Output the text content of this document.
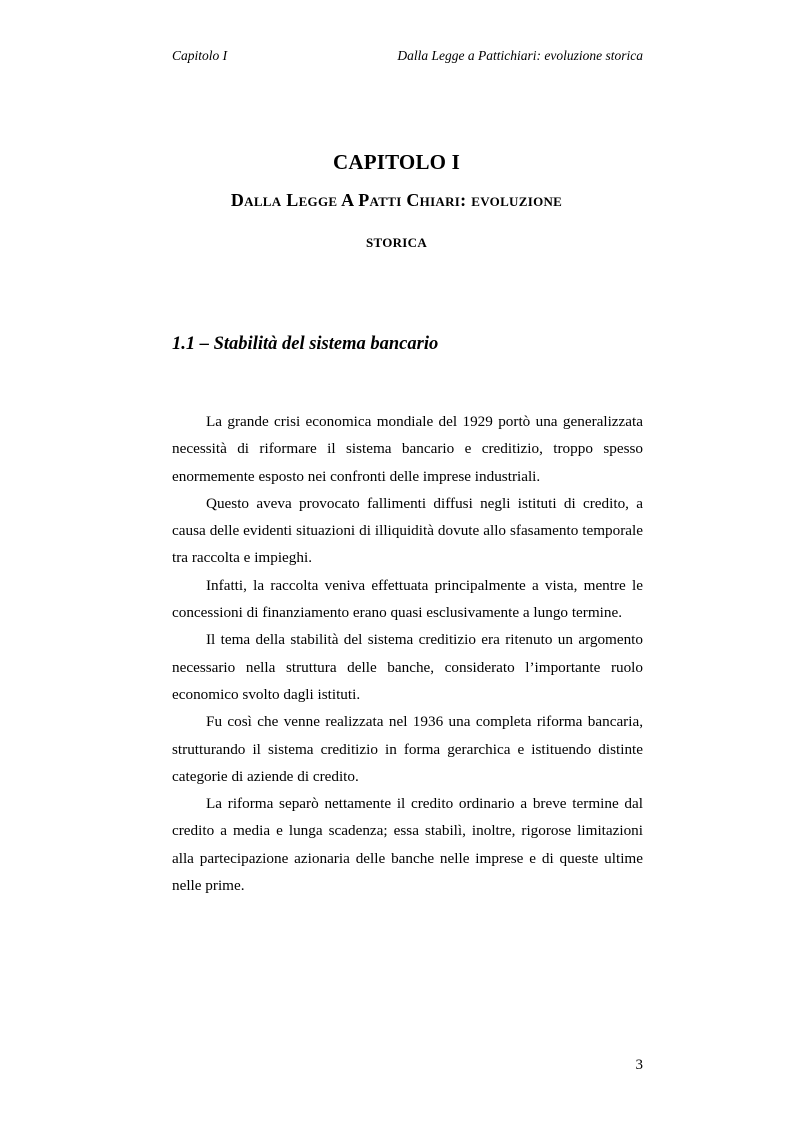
Capitolo I	Dalla Legge a Pattichiari: evoluzione storica
CAPITOLO I
Dalla Legge A Patti Chiari: evoluzione
storica
1.1 – Stabilità del sistema bancario

La grande crisi economica mondiale del 1929 portò una generalizzata necessità di riformare il sistema bancario e creditizio, troppo spesso enormemente esposto nei confronti delle imprese industriali.

Questo aveva provocato fallimenti diffusi negli istituti di credito, a causa delle evidenti situazioni di illiquidità dovute allo sfasamento temporale tra raccolta e impieghi.

Infatti, la raccolta veniva effettuata principalmente a vista, mentre le concessioni di finanziamento erano quasi esclusivamente a lungo termine.

Il tema della stabilità del sistema creditizio era ritenuto un argomento necessario nella struttura delle banche, considerato l’importante ruolo economico svolto dagli istituti.

Fu così che venne realizzata nel 1936 una completa riforma bancaria, strutturando il sistema creditizio in forma gerarchica e istituendo distinte categorie di aziende di credito.

La riforma separò nettamente il credito ordinario a breve termine dal credito a media e lunga scadenza; essa stabilì, inoltre, rigorose limitazioni alla partecipazione azionaria delle banche nelle imprese e di queste ultime nelle prime.

3
